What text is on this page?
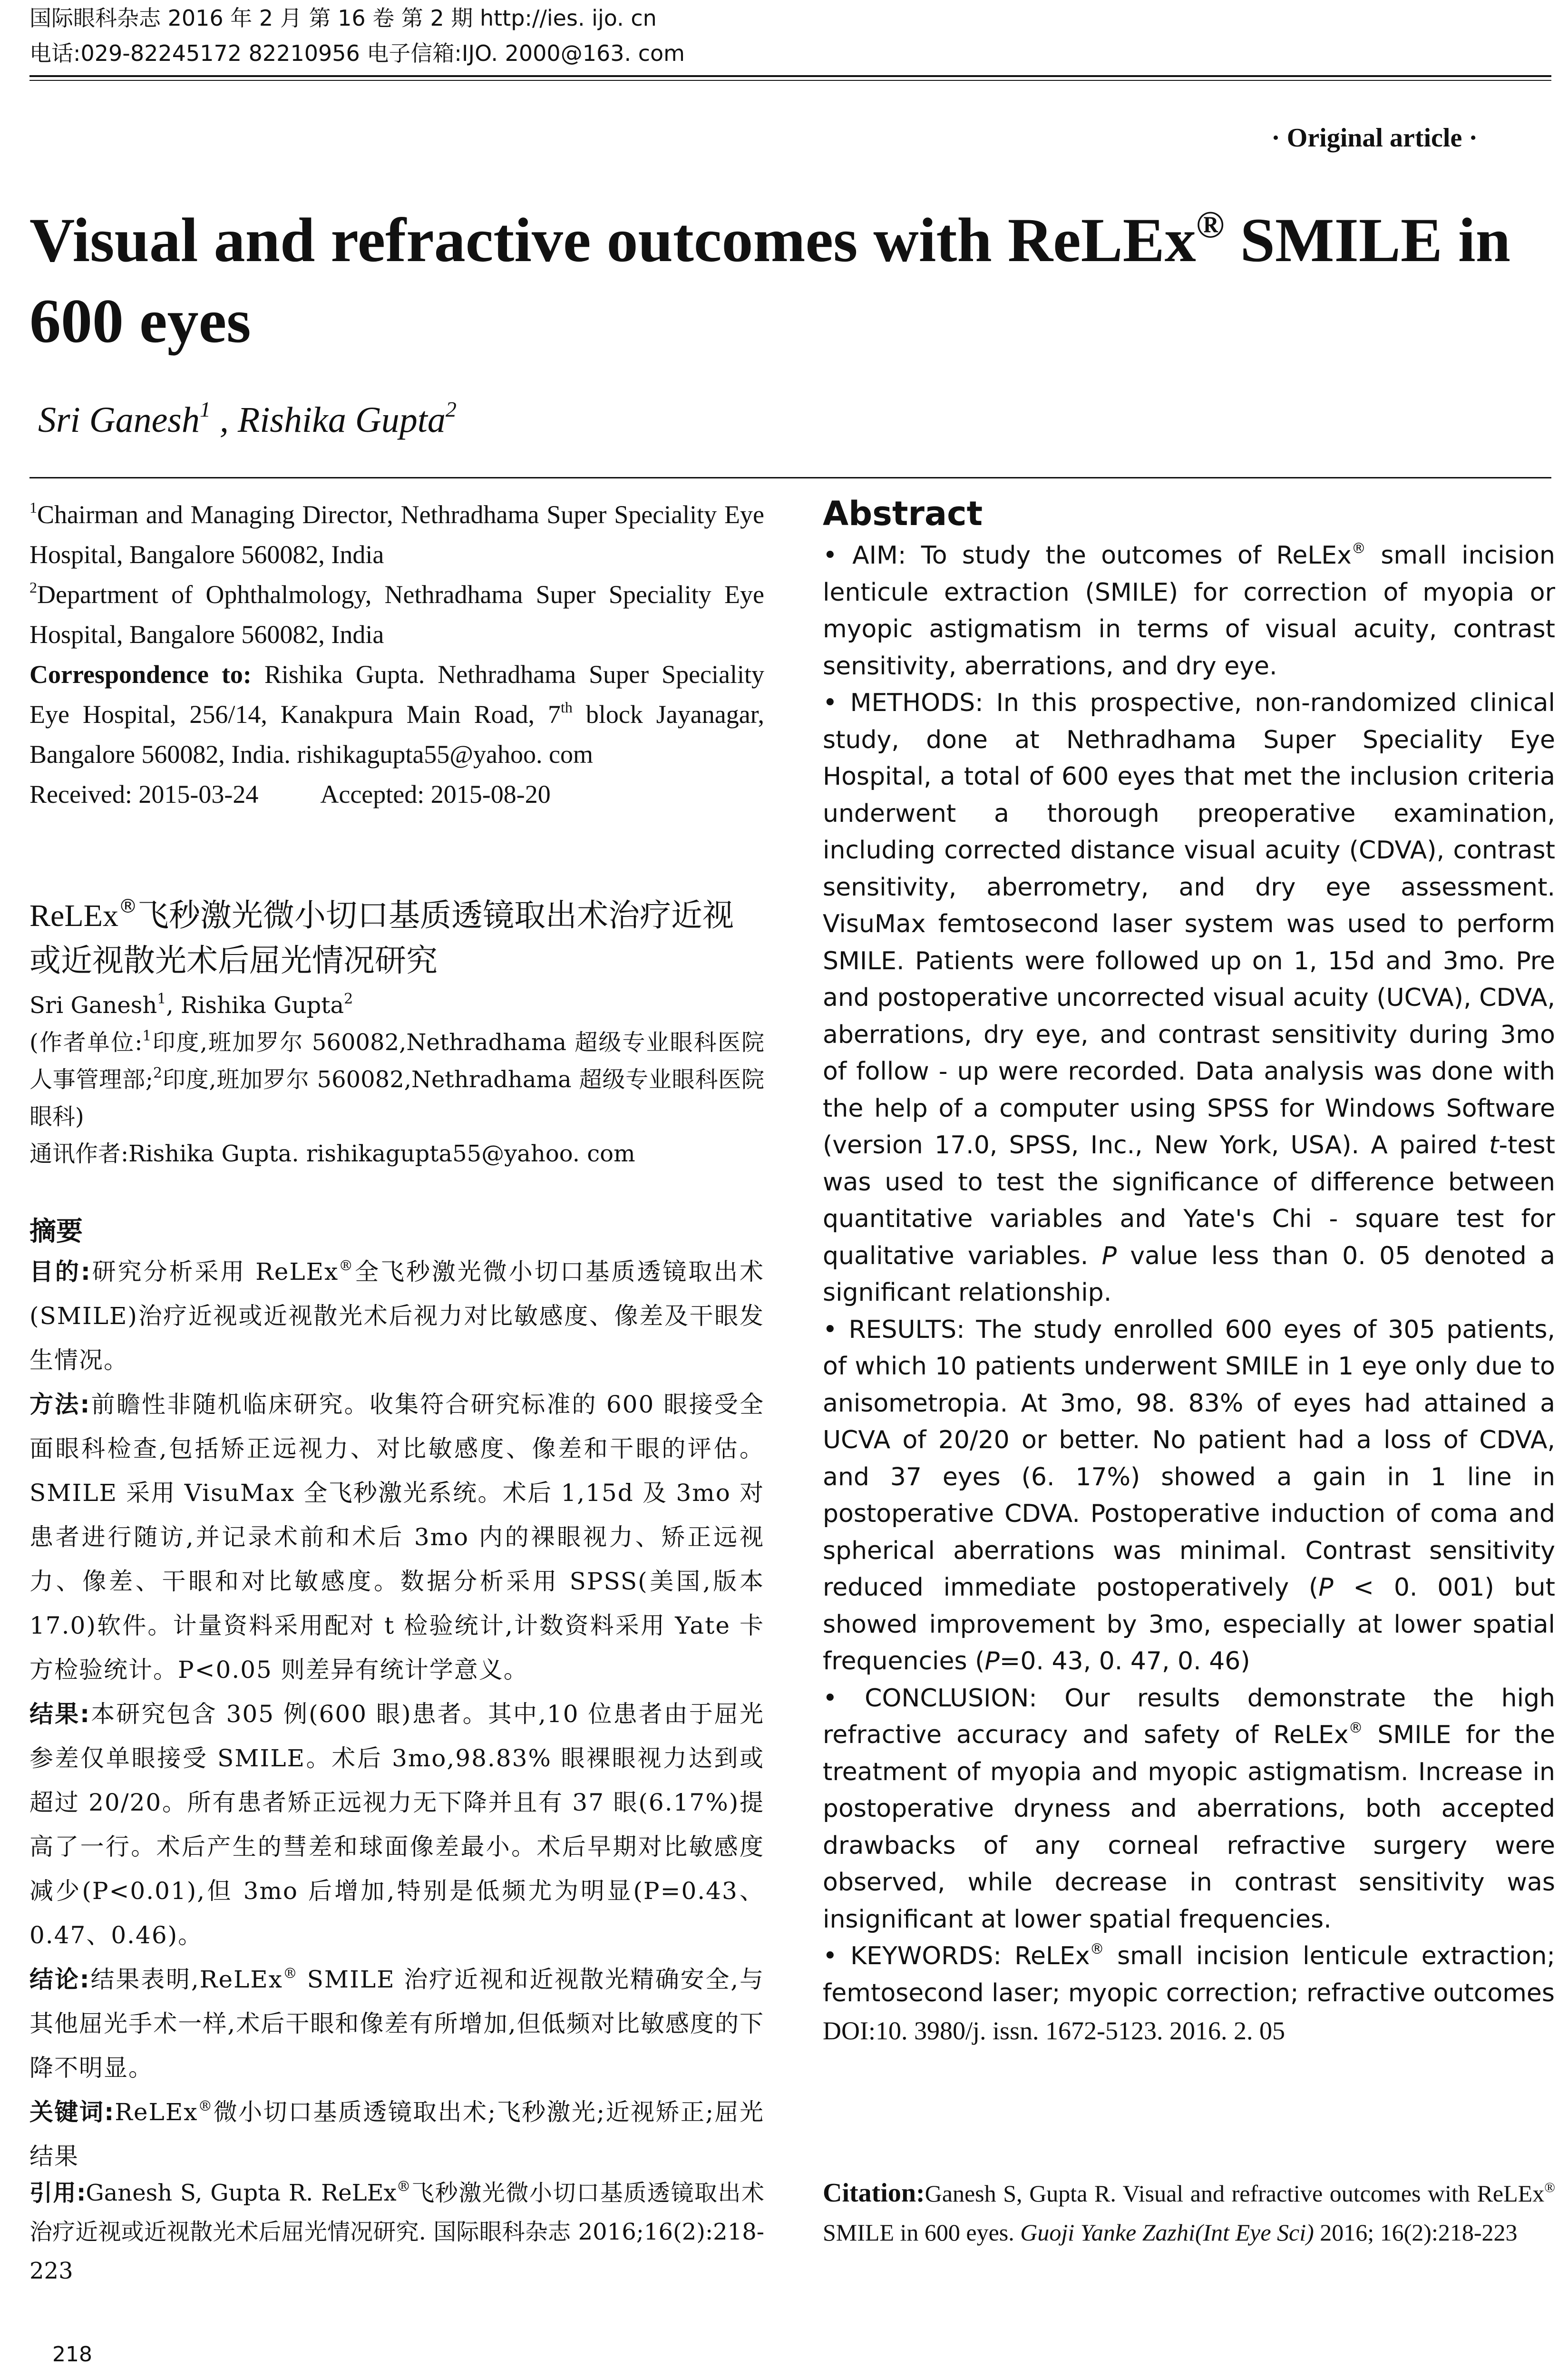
国际眼科杂志 2016 年 2 月 第 16 卷 第 2 期 http://ies. ijo. cn
电话:029-82245172 82210956 电子信箱:IJO. 2000@163. com
· Original article ·
Visual and refractive outcomes with ReLEx® SMILE in 600 eyes
Sri Ganesh$^1$ , Rishika Gupta$^2$

$^1$Chairman and Managing Director, Nethradhama Super Speciality Eye Hospital, Bangalore 560082, India

$^2$Department of Ophthalmology, Nethradhama Super Speciality Eye Hospital, Bangalore 560082, India

Correspondence to: Rishika Gupta. Nethradhama Super Speciality Eye Hospital, 256/14, Kanakpura Main Road, 7th block Jayanagar, Bangalore 560082, India. rishikagupta55@yahoo. com

Received: 2015-03-24 Accepted: 2015-08-20

ReLEx®飞秒激光微小切口基质透镜取出术治疗近视或近视散光术后屈光情况研究
Sri Ganesh$^1$, Rishika Gupta$^2$
(作者单位:$^1$印度,班加罗尔 560082,Nethradhama 超级专业眼科医院人事管理部;$^2$印度,班加罗尔 560082,Nethradhama 超级专业眼科医院眼科)
通讯作者:Rishika Gupta. rishikagupta55@yahoo. com
摘要

目的:研究分析采用 ReLEx®全飞秒激光微小切口基质透镜取出术(SMILE)治疗近视或近视散光术后视力对比敏感度、像差及干眼发生情况。

方法:前瞻性非随机临床研究。收集符合研究标准的 600 眼接受全面眼科检查,包括矫正远视力、对比敏感度、像差和干眼的评估。SMILE 采用 VisuMax 全飞秒激光系统。术后 1,15d 及 3mo 对患者进行随访,并记录术前和术后 3mo 内的裸眼视力、矫正远视力、像差、干眼和对比敏感度。数据分析采用 SPSS(美国,版本 17.0)软件。计量资料采用配对 t 检验统计,计数资料采用 Yate 卡方检验统计。P<0.05 则差异有统计学意义。

结果:本研究包含 305 例(600 眼)患者。其中,10 位患者由于屈光参差仅单眼接受 SMILE。术后 3mo,98.83% 眼裸眼视力达到或超过 20/20。所有患者矫正远视力无下降并且有 37 眼(6.17%)提高了一行。术后产生的彗差和球面像差最小。术后早期对比敏感度减少(P<0.01),但 3mo 后增加,特别是低频尤为明显(P=0.43、0.47、0.46)。

结论:结果表明,ReLEx® SMILE 治疗近视和近视散光精确安全,与其他屈光手术一样,术后干眼和像差有所增加,但低频对比敏感度的下降不明显。

关键词:ReLEx®微小切口基质透镜取出术;飞秒激光;近视矫正;屈光结果

引用:Ganesh S, Gupta R. ReLEx®飞秒激光微小切口基质透镜取出术治疗近视或近视散光术后屈光情况研究. 国际眼科杂志 2016;16(2):218-223
Abstract

• AIM: To study the outcomes of ReLEx® small incision lenticule extraction (SMILE) for correction of myopia or myopic astigmatism in terms of visual acuity, contrast sensitivity, aberrations, and dry eye.

• METHODS: In this prospective, non-randomized clinical study, done at Nethradhama Super Speciality Eye Hospital, a total of 600 eyes that met the inclusion criteria underwent a thorough preoperative examination, including corrected distance visual acuity (CDVA), contrast sensitivity, aberrometry, and dry eye assessment. VisuMax femtosecond laser system was used to perform SMILE. Patients were followed up on 1, 15d and 3mo. Pre and postoperative uncorrected visual acuity (UCVA), CDVA, aberrations, dry eye, and contrast sensitivity during 3mo of follow - up were recorded. Data analysis was done with the help of a computer using SPSS for Windows Software (version 17.0, SPSS, Inc., New York, USA). A paired t-test was used to test the significance of difference between quantitative variables and Yate's Chi - square test for qualitative variables. P value less than 0. 05 denoted a significant relationship.

• RESULTS: The study enrolled 600 eyes of 305 patients, of which 10 patients underwent SMILE in 1 eye only due to anisometropia. At 3mo, 98. 83% of eyes had attained a UCVA of 20/20 or better. No patient had a loss of CDVA, and 37 eyes (6. 17%) showed a gain in 1 line in postoperative CDVA. Postoperative induction of coma and spherical aberrations was minimal. Contrast sensitivity reduced immediate postoperatively (P < 0. 001) but showed improvement by 3mo, especially at lower spatial frequencies (P=0. 43, 0. 47, 0. 46)

• CONCLUSION: Our results demonstrate the high refractive accuracy and safety of ReLEx® SMILE for the treatment of myopia and myopic astigmatism. Increase in postoperative dryness and aberrations, both accepted drawbacks of any corneal refractive surgery were observed, while decrease in contrast sensitivity was insignificant at lower spatial frequencies.

• KEYWORDS: ReLEx® small incision lenticule extraction; femtosecond laser; myopic correction; refractive outcomes

DOI:10. 3980/j. issn. 1672-5123. 2016. 2. 05

Citation:Ganesh S, Gupta R. Visual and refractive outcomes with ReLEx® SMILE in 600 eyes. Guoji Yanke Zazhi(Int Eye Sci) 2016; 16(2):218-223
218
